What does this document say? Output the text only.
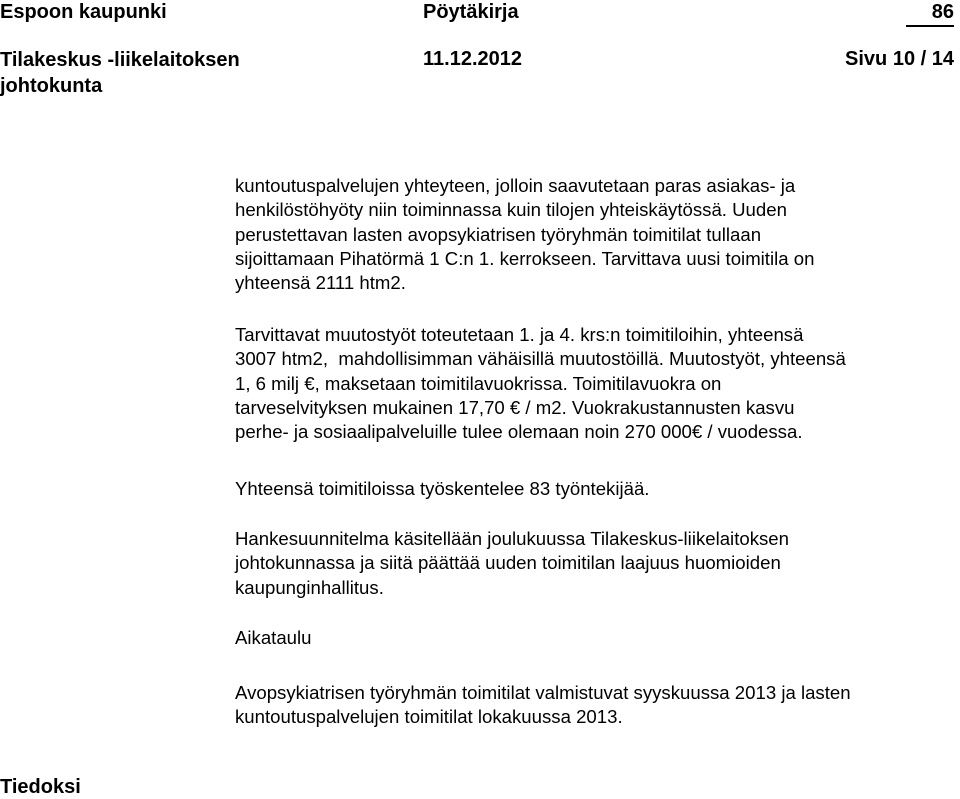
Espoon kaupunki	Pöytäkirja	86
Tilakeskus -liikelaitoksen
johtokunta
11.12.2012	Sivu 10 / 14

kuntoutuspalvelujen yhteyteen, jolloin saavutetaan paras asiakas- ja

henkilöstöhyöty niin toiminnassa kuin tilojen yhteiskäytössä. Uuden

perustettavan lasten avopsykiatrisen työryhmän toimitilat tullaan

sijoittamaan Pihatörmä 1 C:n 1. kerrokseen. Tarvittava uusi toimitila on

yhteensä 2111 htm2.

Tarvittavat muutostyöt toteutetaan 1. ja 4. krs:n toimitiloihin, yhteensä

3007 htm2,  mahdollisimman vähäisillä muutostöillä. Muutostyöt, yhteensä

1, 6 milj €, maksetaan toimitilavuokrissa. Toimitilavuokra on

tarveselvityksen mukainen 17,70 € / m2. Vuokrakustannusten kasvu

perhe- ja sosiaalipalveluille tulee olemaan noin 270 000€ / vuodessa.

Yhteensä toimitiloissa työskentelee 83 työntekijää.

Hankesuunnitelma käsitellään joulukuussa Tilakeskus-liikelaitoksen

johtokunnassa ja siitä päättää uuden toimitilan laajuus huomioiden

kaupunginhallitus.

Aikataulu

Avopsykiatrisen työryhmän toimitilat valmistuvat syyskuussa 2013 ja lasten

kuntoutuspalvelujen toimitilat lokakuussa 2013.

Tiedoksi
